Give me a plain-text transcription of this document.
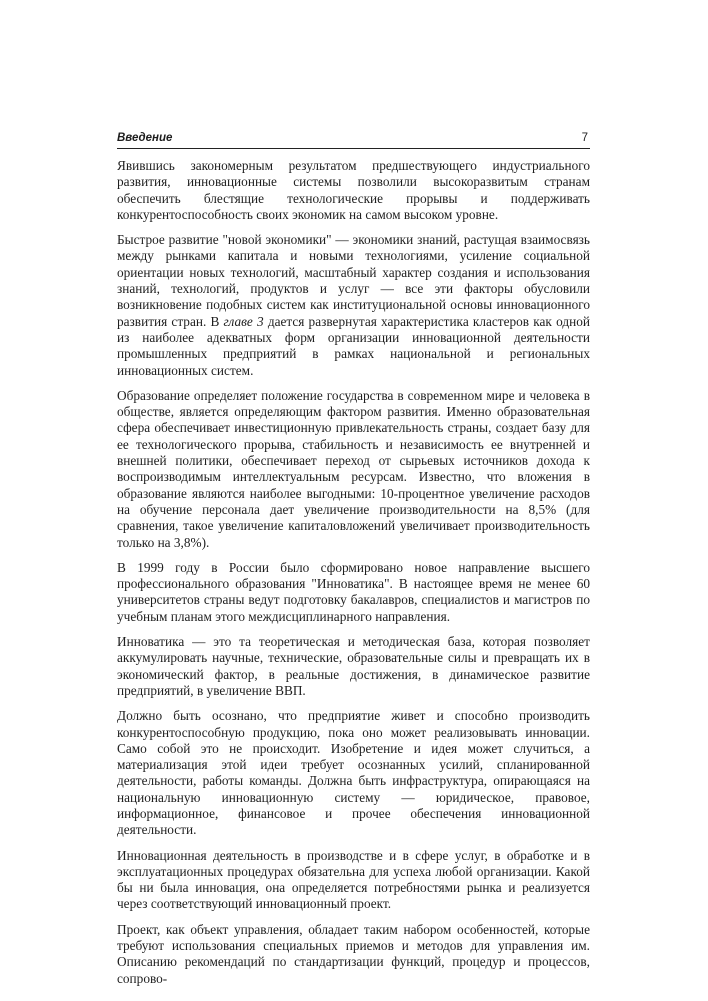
Введение	7

Явившись закономерным результатом предшествующего индустриального развития, инновационные системы позволили высокоразвитым странам обеспечить блестящие технологические прорывы и поддерживать конкурентоспособность своих экономик на самом высоком уровне.

Быстрое развитие "новой экономики" — экономики знаний, растущая взаимосвязь между рынками капитала и новыми технологиями, усиление социальной ориентации новых технологий, масштабный характер создания и использования знаний, технологий, продуктов и услуг — все эти факторы обусловили возникновение подобных систем как институциональной основы инновационного развития стран. В главе 3 дается развернутая характеристика кластеров как одной из наиболее адекватных форм организации инновационной деятельности промышленных предприятий в рамках национальной и региональных инновационных систем.

Образование определяет положение государства в современном мире и человека в обществе, является определяющим фактором развития. Именно образовательная сфера обеспечивает инвестиционную привлекательность страны, создает базу для ее технологического прорыва, стабильность и независимость ее внутренней и внешней политики, обеспечивает переход от сырьевых источников дохода к воспроизводимым интеллектуальным ресурсам. Известно, что вложения в образование являются наиболее выгодными: 10-процентное увеличение расходов на обучение персонала дает увеличение производительности на 8,5% (для сравнения, такое увеличение капиталовложений увеличивает производительность только на 3,8%).

В 1999 году в России было сформировано новое направление высшего профессионального образования "Инноватика". В настоящее время не менее 60 университетов страны ведут подготовку бакалавров, специалистов и магистров по учебным планам этого междисциплинарного направления.

Инноватика — это та теоретическая и методическая база, которая позволяет аккумулировать научные, технические, образовательные силы и превращать их в экономический фактор, в реальные достижения, в динамическое развитие предприятий, в увеличение ВВП.

Должно быть осознано, что предприятие живет и способно производить конкурентоспособную продукцию, пока оно может реализовывать инновации. Само собой это не происходит. Изобретение и идея может случиться, а материализация этой идеи требует осознанных усилий, спланированной деятельности, работы команды. Должна быть инфраструктура, опирающаяся на национальную инновационную систему — юридическое, правовое, информационное, финансовое и прочее обеспечения инновационной деятельности.

Инновационная деятельность в производстве и в сфере услуг, в обработке и в эксплуатационных процедурах обязательна для успеха любой организации. Какой бы ни была инновация, она определяется потребностями рынка и реализуется через соответствующий инновационный проект.

Проект, как объект управления, обладает таким набором особенностей, которые требуют использования специальных приемов и методов для управления им. Описанию рекомендаций по стандартизации функций, процедур и процессов, сопрово-
